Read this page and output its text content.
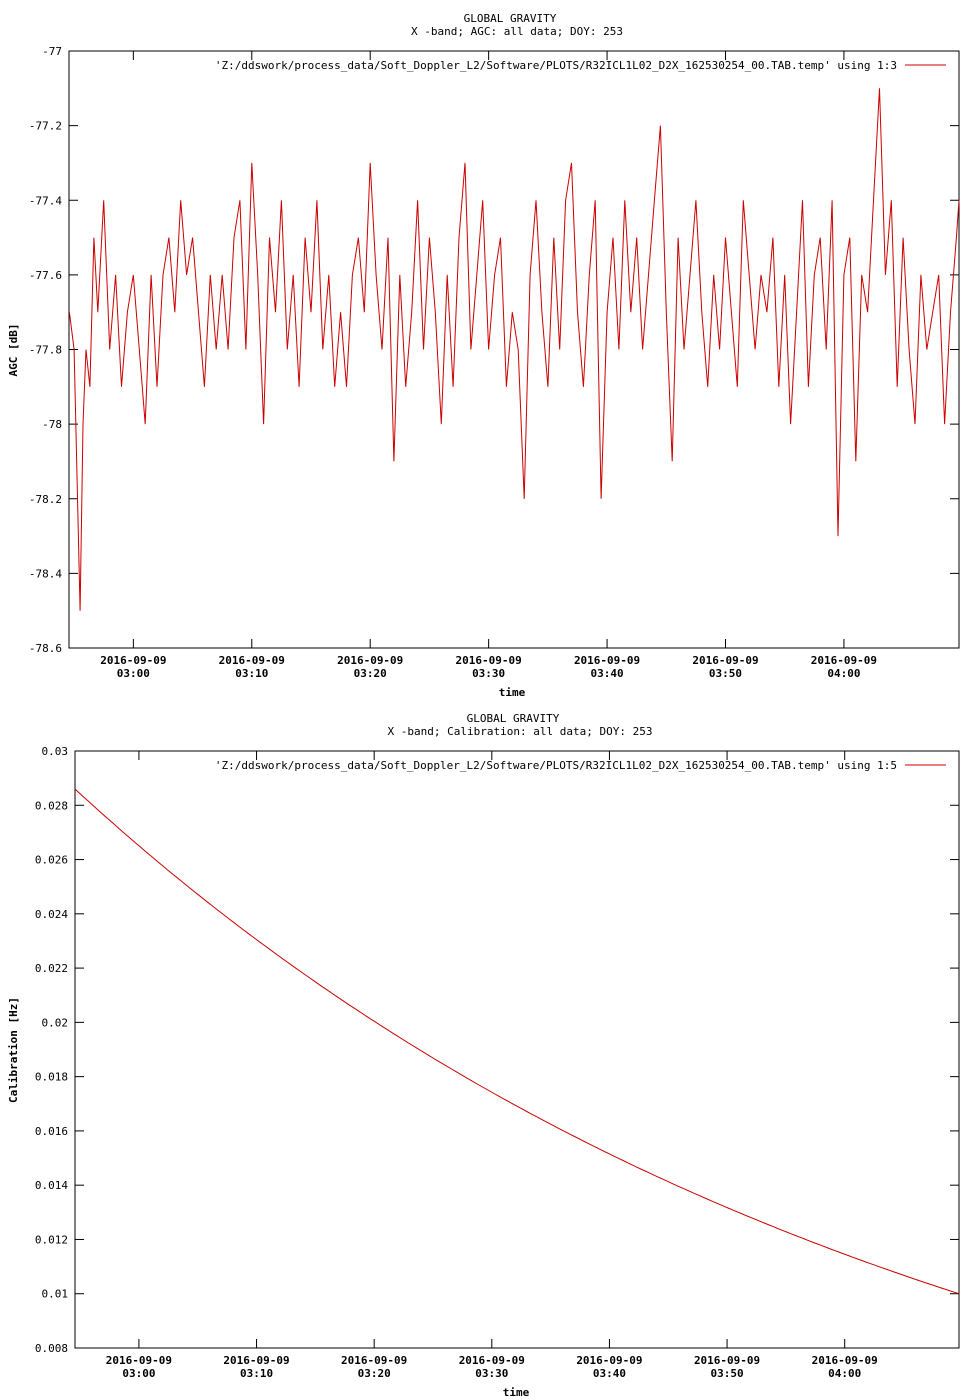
GLOBAL GRAVITY
X -band; AGC: all data; DOY: 253
-77
-77.2
-77.4
-77.6
-77.8
-78
-78.2
-78.4
-78.6
2016-09-09
03:00
2016-09-09
03:10
2016-09-09
03:20
2016-09-09
03:30
2016-09-09
03:40
2016-09-09
03:50
2016-09-09
04:00
'Z:/ddswork/process_data/Soft_Doppler_L2/Software/PLOTS/R32ICL1L02_D2X_162530254_00.TAB.temp' using 1:3
time
AGC [dB]
GLOBAL GRAVITY
X -band; Calibration: all data; DOY: 253
0.03
0.028
0.026
0.024
0.022
0.02
0.018
0.016
0.014
0.012
0.01
0.008
2016-09-09
03:00
2016-09-09
03:10
2016-09-09
03:20
2016-09-09
03:30
2016-09-09
03:40
2016-09-09
03:50
2016-09-09
04:00
'Z:/ddswork/process_data/Soft_Doppler_L2/Software/PLOTS/R32ICL1L02_D2X_162530254_00.TAB.temp' using 1:5
time
Calibration [Hz]
